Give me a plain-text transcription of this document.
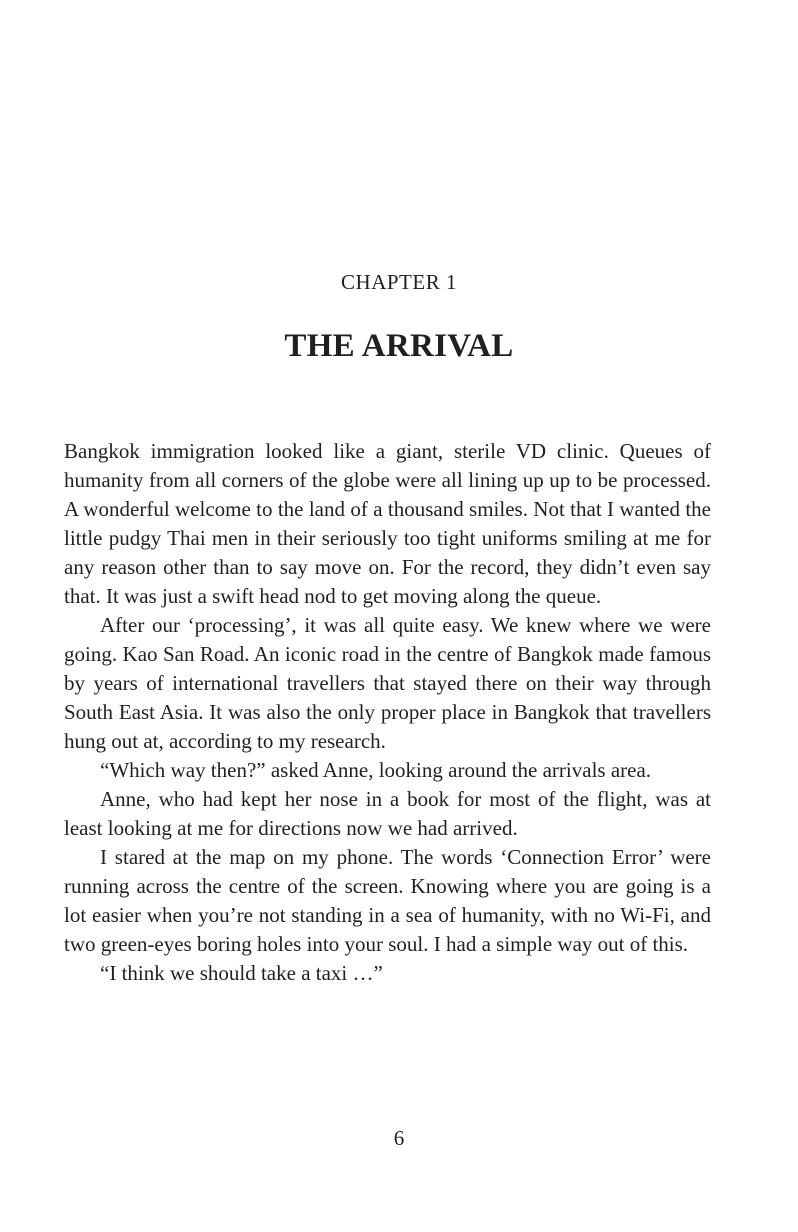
CHAPTER 1
THE ARRIVAL

Bangkok immigration looked like a giant, sterile VD clinic. Queues of humanity from all corners of the globe were all lining up up to be processed. A wonderful welcome to the land of a thousand smiles. Not that I wanted the little pudgy Thai men in their seriously too tight uniforms smiling at me for any reason other than to say move on. For the record, they didn’t even say that. It was just a swift head nod to get moving along the queue.

After our ‘processing’, it was all quite easy. We knew where we were going. Kao San Road. An iconic road in the centre of Bangkok made famous by years of international travellers that stayed there on their way through South East Asia. It was also the only proper place in Bangkok that travellers hung out at, according to my research.

“Which way then?” asked Anne, looking around the arrivals area.

Anne, who had kept her nose in a book for most of the flight, was at least looking at me for directions now we had arrived.

I stared at the map on my phone. The words ‘Connection Error’ were running across the centre of the screen. Knowing where you are going is a lot easier when you’re not standing in a sea of humanity, with no Wi-Fi, and two green-eyes boring holes into your soul. I had a simple way out of this.

“I think we should take a taxi …”

6
